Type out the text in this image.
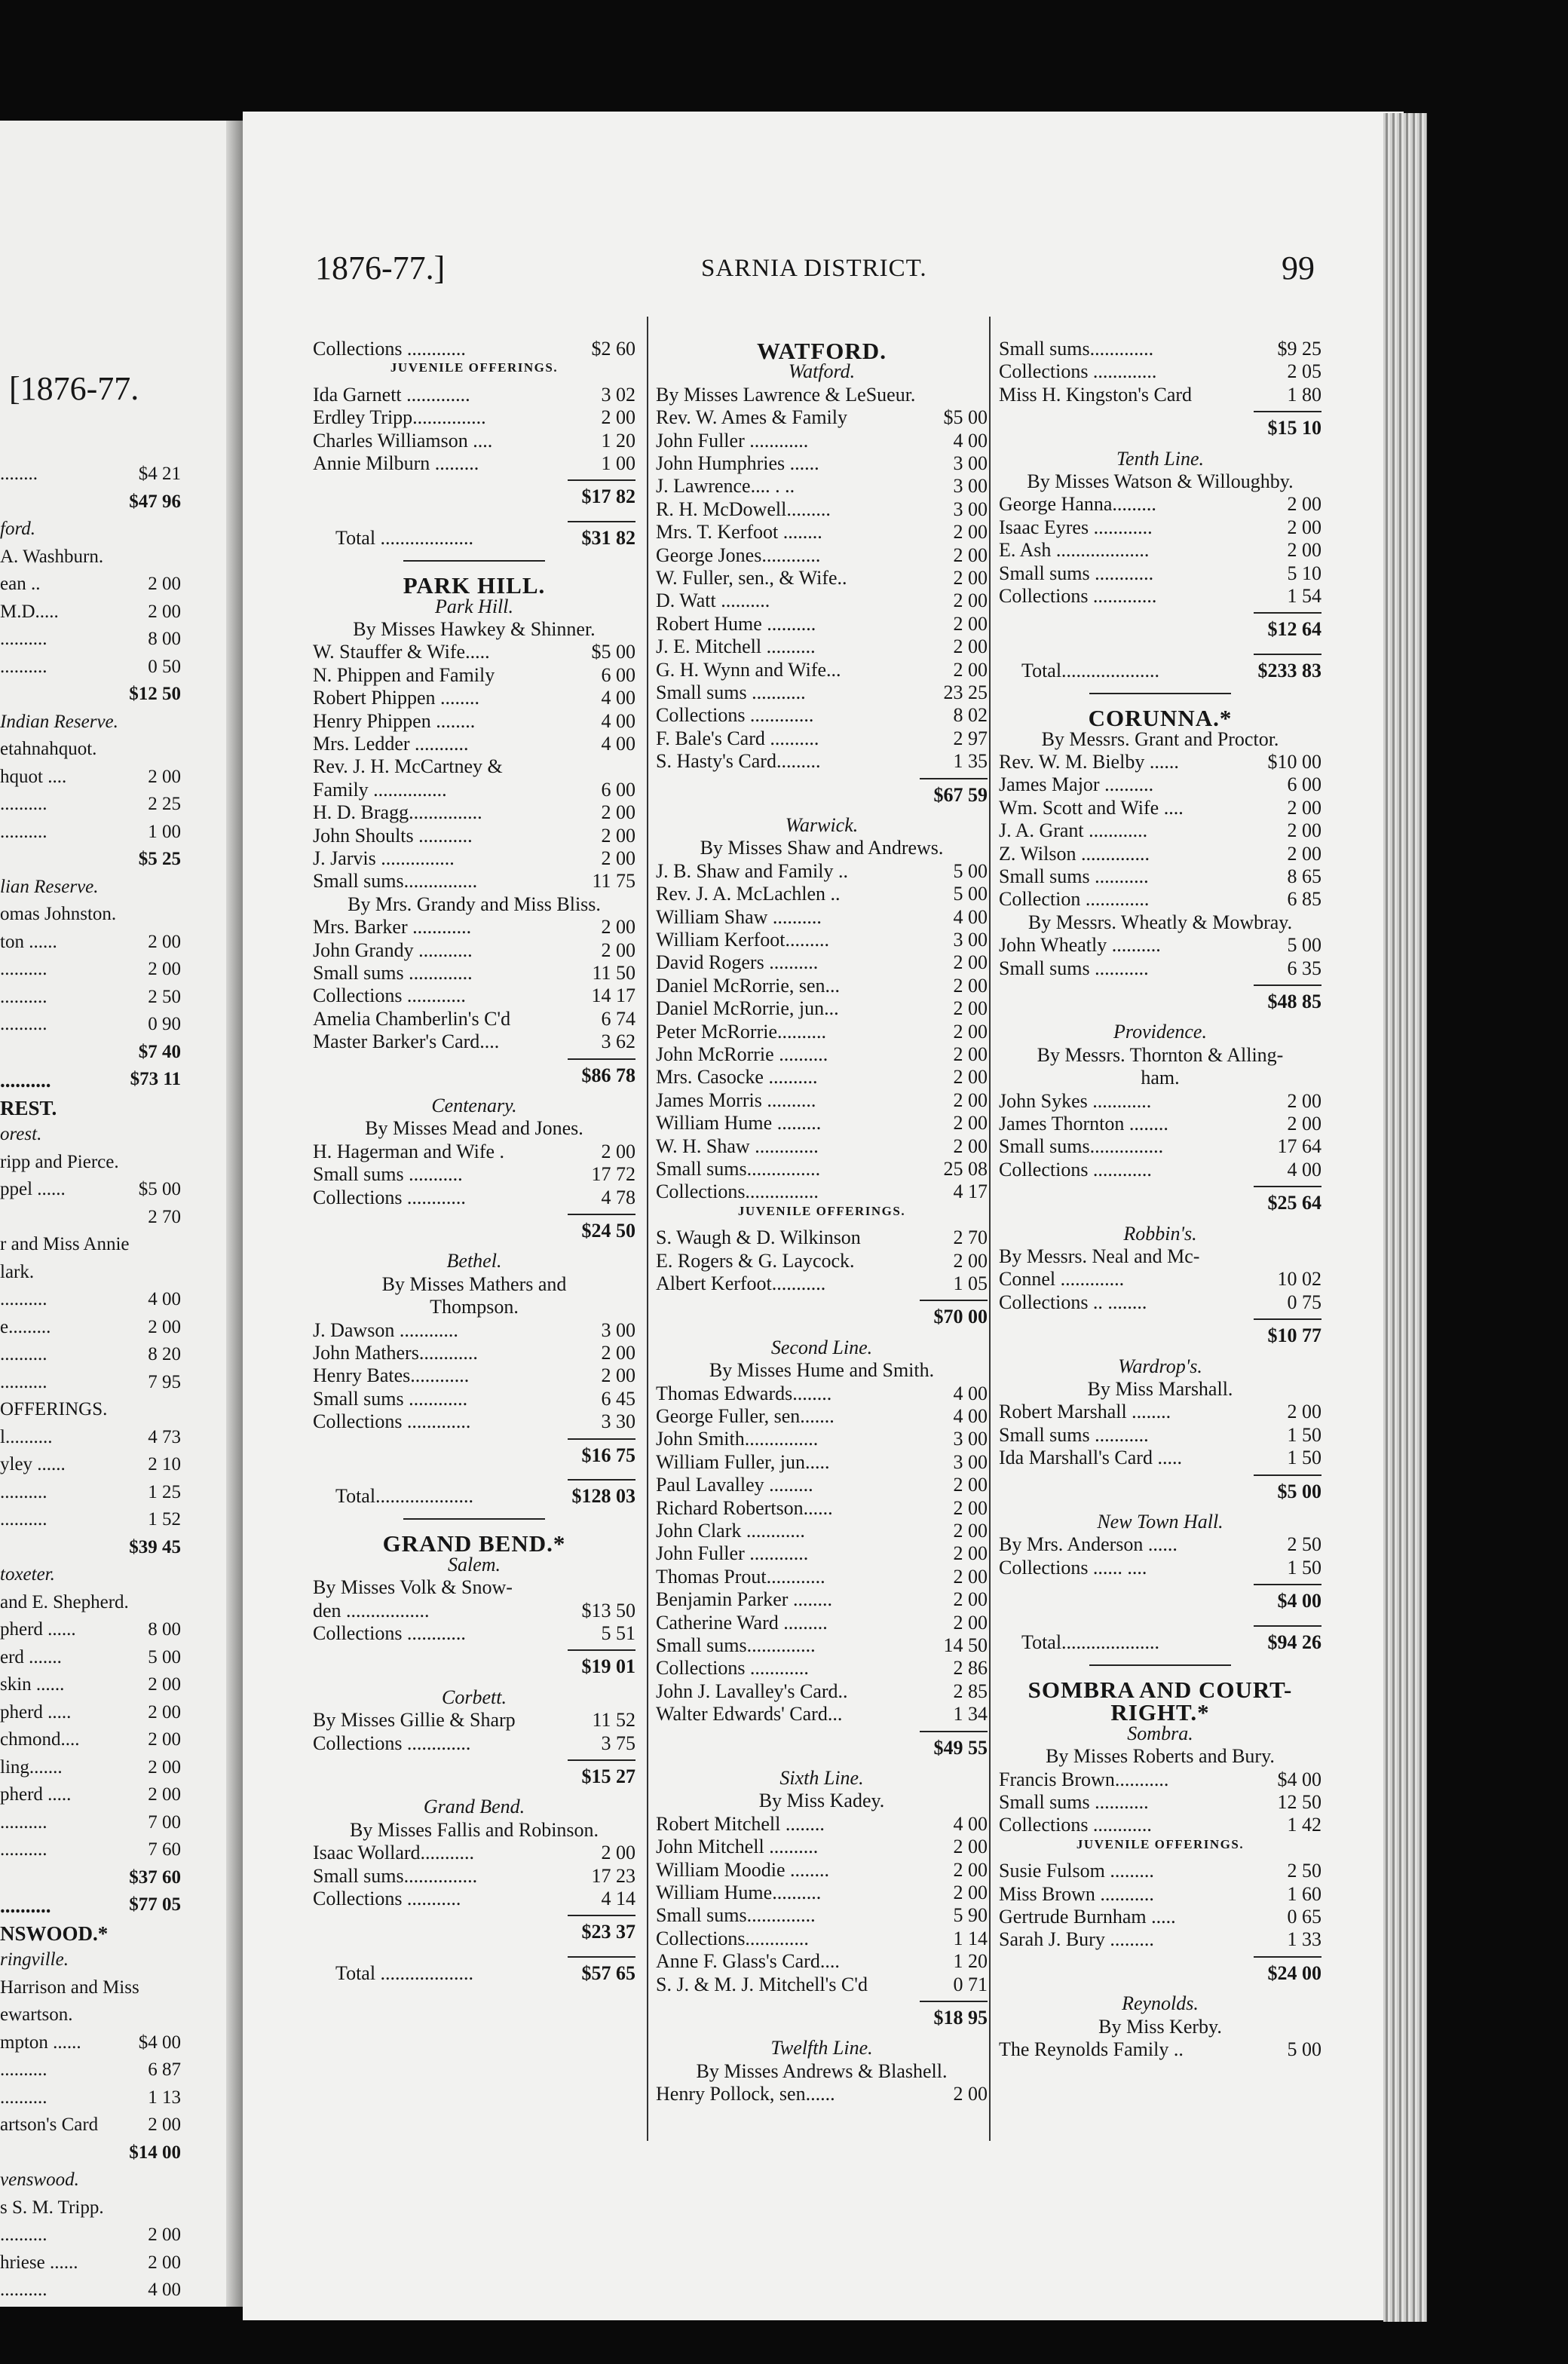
[1876-77.
........	$4 21
$47 96
ford.
A. Washburn.
ean ..	2 00
M.D.....	2 00
..........	8 00
..........	0 50
$12 50
Indian Reserve.
etahnahquot.
hquot ....	2 00
..........	2 25
..........	1 00
$5 25
lian Reserve.
omas Johnston.
ton ......	2 00
..........	2 00
..........	2 50
..........	0 90
$7 40
..........	$73 11
REST.
orest.
ripp and Pierce.
ppel ......	$5 00
2 70
r and Miss Annie
lark.
..........	4 00
e.........	2 00
..........	8 20
..........	7 95
OFFERINGS.
l..........	4 73
yley ......	2 10
..........	1 25
..........	1 52
$39 45
toxeter.
and E. Shepherd.
pherd ......	8 00
erd .......	5 00
skin ......	2 00
pherd .....	2 00
chmond....	2 00
ling.......	2 00
pherd .....	2 00
..........	7 00
..........	7 60
$37 60
..........	$77 05
NSWOOD.*
ringville.
Harrison and Miss
ewartson.
mpton ......	$4 00
..........	6 87
..........	1 13
artson's Card	2 00
$14 00
venswood.
s S. M. Tripp.
..........	2 00
hriese ......	2 00
..........	4 00
1876-77.]	SARNIA DISTRICT.	99
Collections ............	$2 60
JUVENILE OFFERINGS.
Ida Garnett .............	3 02
Erdley Tripp...............	2 00
Charles Williamson ....	1 20
Annie Milburn .........	1 00
$17 82
Total ...................	$31 82
PARK HILL.
Park Hill.
By Misses Hawkey & Shinner.
W. Stauffer & Wife.....	$5 00
N. Phippen and Family	6 00
Robert Phippen ........	4 00
Henry Phippen ........	4 00
Mrs. Ledder ...........	4 00
Rev. J. H. McCartney &
Family ...............	6 00
H. D. Bragg...............	2 00
John Shoults ...........	2 00
J. Jarvis ...............	2 00
Small sums...............	11 75
By Mrs. Grandy and Miss Bliss.
Mrs. Barker ............	2 00
John Grandy ...........	2 00
Small sums .............	11 50
Collections ............	14 17
Amelia Chamberlin's C'd	6 74
Master Barker's Card....	3 62
$86 78
Centenary.
By Misses Mead and Jones.
H. Hagerman and Wife .	2 00
Small sums ...........	17 72
Collections ............	4 78
$24 50
Bethel.
By Misses Mathers and
Thompson.
J. Dawson ............	3 00
John Mathers............	2 00
Henry Bates............	2 00
Small sums ............	6 45
Collections .............	3 30
$16 75
Total....................	$128 03
GRAND BEND.*
Salem.
By Misses Volk & Snow-
den .................	$13 50
Collections ............	5 51
$19 01
Corbett.
By Misses Gillie & Sharp	11 52
Collections .............	3 75
$15 27
Grand Bend.
By Misses Fallis and Robinson.
Isaac Wollard...........	2 00
Small sums...............	17 23
Collections ...........	4 14
$23 37
Total ...................	$57 65
WATFORD.
Watford.
By Misses Lawrence & LeSueur.
Rev. W. Ames & Family	$5 00
John Fuller ............	4 00
John Humphries ......	3 00
J. Lawrence.... . ..	3 00
R. H. McDowell.........	3 00
Mrs. T. Kerfoot ........	2 00
George Jones............	2 00
W. Fuller, sen., & Wife..	2 00
D. Watt ..........	2 00
Robert Hume ..........	2 00
J. E. Mitchell ..........	2 00
G. H. Wynn and Wife...	2 00
Small sums ...........	23 25
Collections .............	8 02
F. Bale's Card ..........	2 97
S. Hasty's Card.........	1 35
$67 59
Warwick.
By Misses Shaw and Andrews.
J. B. Shaw and Family ..	5 00
Rev. J. A. McLachlen ..	5 00
William Shaw ..........	4 00
William Kerfoot.........	3 00
David Rogers ..........	2 00
Daniel McRorrie, sen...	2 00
Daniel McRorrie, jun...	2 00
Peter McRorrie..........	2 00
John McRorrie ..........	2 00
Mrs. Casocke ..........	2 00
James Morris ..........	2 00
William Hume .........	2 00
W. H. Shaw .............	2 00
Small sums...............	25 08
Collections...............	4 17
JUVENILE OFFERINGS.
S. Waugh & D. Wilkinson	2 70
E. Rogers & G. Laycock.	2 00
Albert Kerfoot...........	1 05
$70 00
Second Line.
By Misses Hume and Smith.
Thomas Edwards........	4 00
George Fuller, sen.......	4 00
John Smith...............	3 00
William Fuller, jun.....	3 00
Paul Lavalley .........	2 00
Richard Robertson......	2 00
John Clark ............	2 00
John Fuller ............	2 00
Thomas Prout............	2 00
Benjamin Parker ........	2 00
Catherine Ward .........	2 00
Small sums..............	14 50
Collections ............	2 86
John J. Lavalley's Card..	2 85
Walter Edwards' Card...	1 34
$49 55
Sixth Line.
By Miss Kadey.
Robert Mitchell ........	4 00
John Mitchell ..........	2 00
William Moodie ........	2 00
William Hume..........	2 00
Small sums..............	5 90
Collections.............	1 14
Anne F. Glass's Card....	1 20
S. J. & M. J. Mitchell's C'd	0 71
$18 95
Twelfth Line.
By Misses Andrews & Blashell.
Henry Pollock, sen......	2 00
Small sums.............	$9 25
Collections .............	2 05
Miss H. Kingston's Card	1 80
$15 10
Tenth Line.
By Misses Watson & Willoughby.
George Hanna.........	2 00
Isaac Eyres ............	2 00
E. Ash ...................	2 00
Small sums ............	5 10
Collections .............	1 54
$12 64
Total....................	$233 83
CORUNNA.*
By Messrs. Grant and Proctor.
Rev. W. M. Bielby ......	$10 00
James Major ..........	6 00
Wm. Scott and Wife ....	2 00
J. A. Grant ............	2 00
Z. Wilson ..............	2 00
Small sums ...........	8 65
Collection .............	6 85
By Messrs. Wheatly & Mowbray.
John Wheatly ..........	5 00
Small sums ...........	6 35
$48 85
Providence.
By Messrs. Thornton & Alling-
ham.
John Sykes ............	2 00
James Thornton ........	2 00
Small sums...............	17 64
Collections ............	4 00
$25 64
Robbin's.
By Messrs. Neal and Mc-
Connel .............	10 02
Collections .. ........	0 75
$10 77
Wardrop's.
By Miss Marshall.
Robert Marshall ........	2 00
Small sums ...........	1 50
Ida Marshall's Card .....	1 50
$5 00
New Town Hall.
By Mrs. Anderson ......	2 50
Collections ...... ....	1 50
$4 00
Total....................	$94 26
SOMBRA AND COURT-
RIGHT.*
Sombra.
By Misses Roberts and Bury.
Francis Brown...........	$4 00
Small sums ...........	12 50
Collections ............	1 42
JUVENILE OFFERINGS.
Susie Fulsom .........	2 50
Miss Brown ...........	1 60
Gertrude Burnham .....	0 65
Sarah J. Bury .........	1 33
$24 00
Reynolds.
By Miss Kerby.
The Reynolds Family ..	5 00
